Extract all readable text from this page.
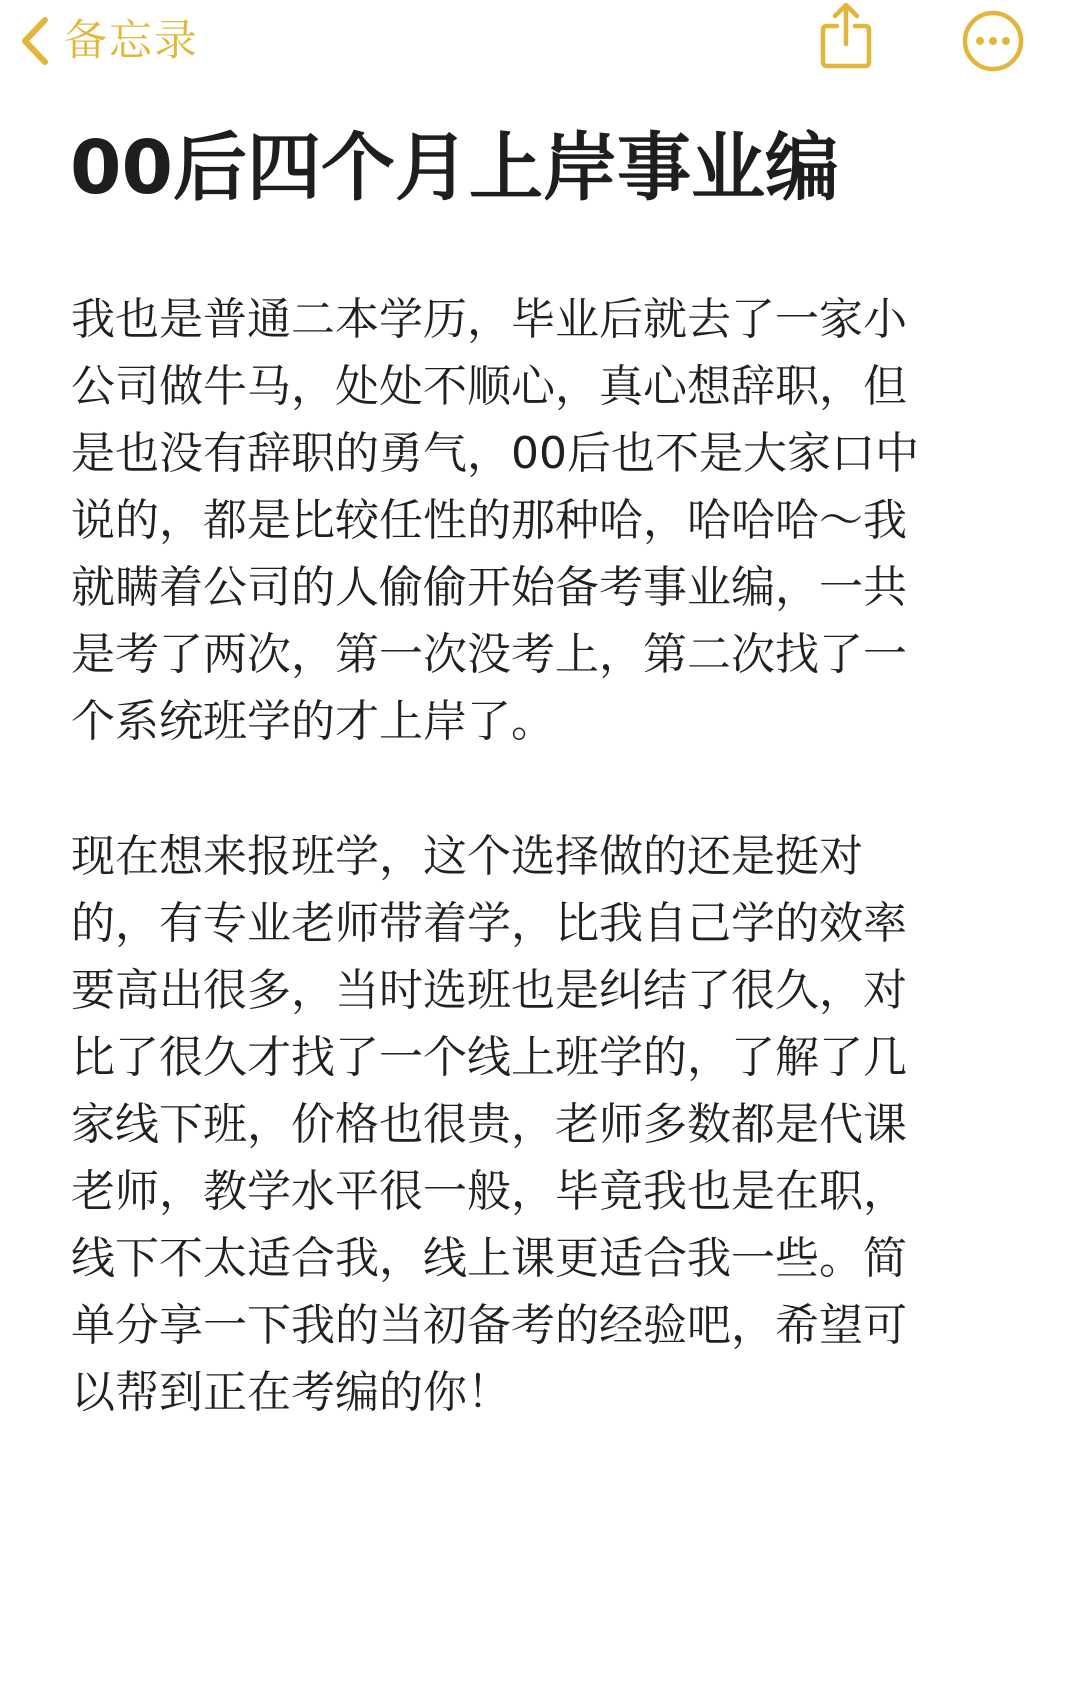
备忘录
00后四个月上岸事业编

我也是普通二本学历，毕业后就去了一家小
公司做牛马，处处不顺心，真心想辞职，但
是也没有辞职的勇气，00后也不是大家口中
说的，都是比较任性的那种哈，哈哈哈～我
就瞒着公司的人偷偷开始备考事业编，一共
是考了两次，第一次没考上，第二次找了一
个系统班学的才上岸了。

现在想来报班学，这个选择做的还是挺对
的，有专业老师带着学，比我自己学的效率
要高出很多，当时选班也是纠结了很久，对
比了很久才找了一个线上班学的，了解了几
家线下班，价格也很贵，老师多数都是代课
老师，教学水平很一般，毕竟我也是在职，
线下不太适合我，线上课更适合我一些。简
单分享一下我的当初备考的经验吧，希望可
以帮到正在考编的你！
